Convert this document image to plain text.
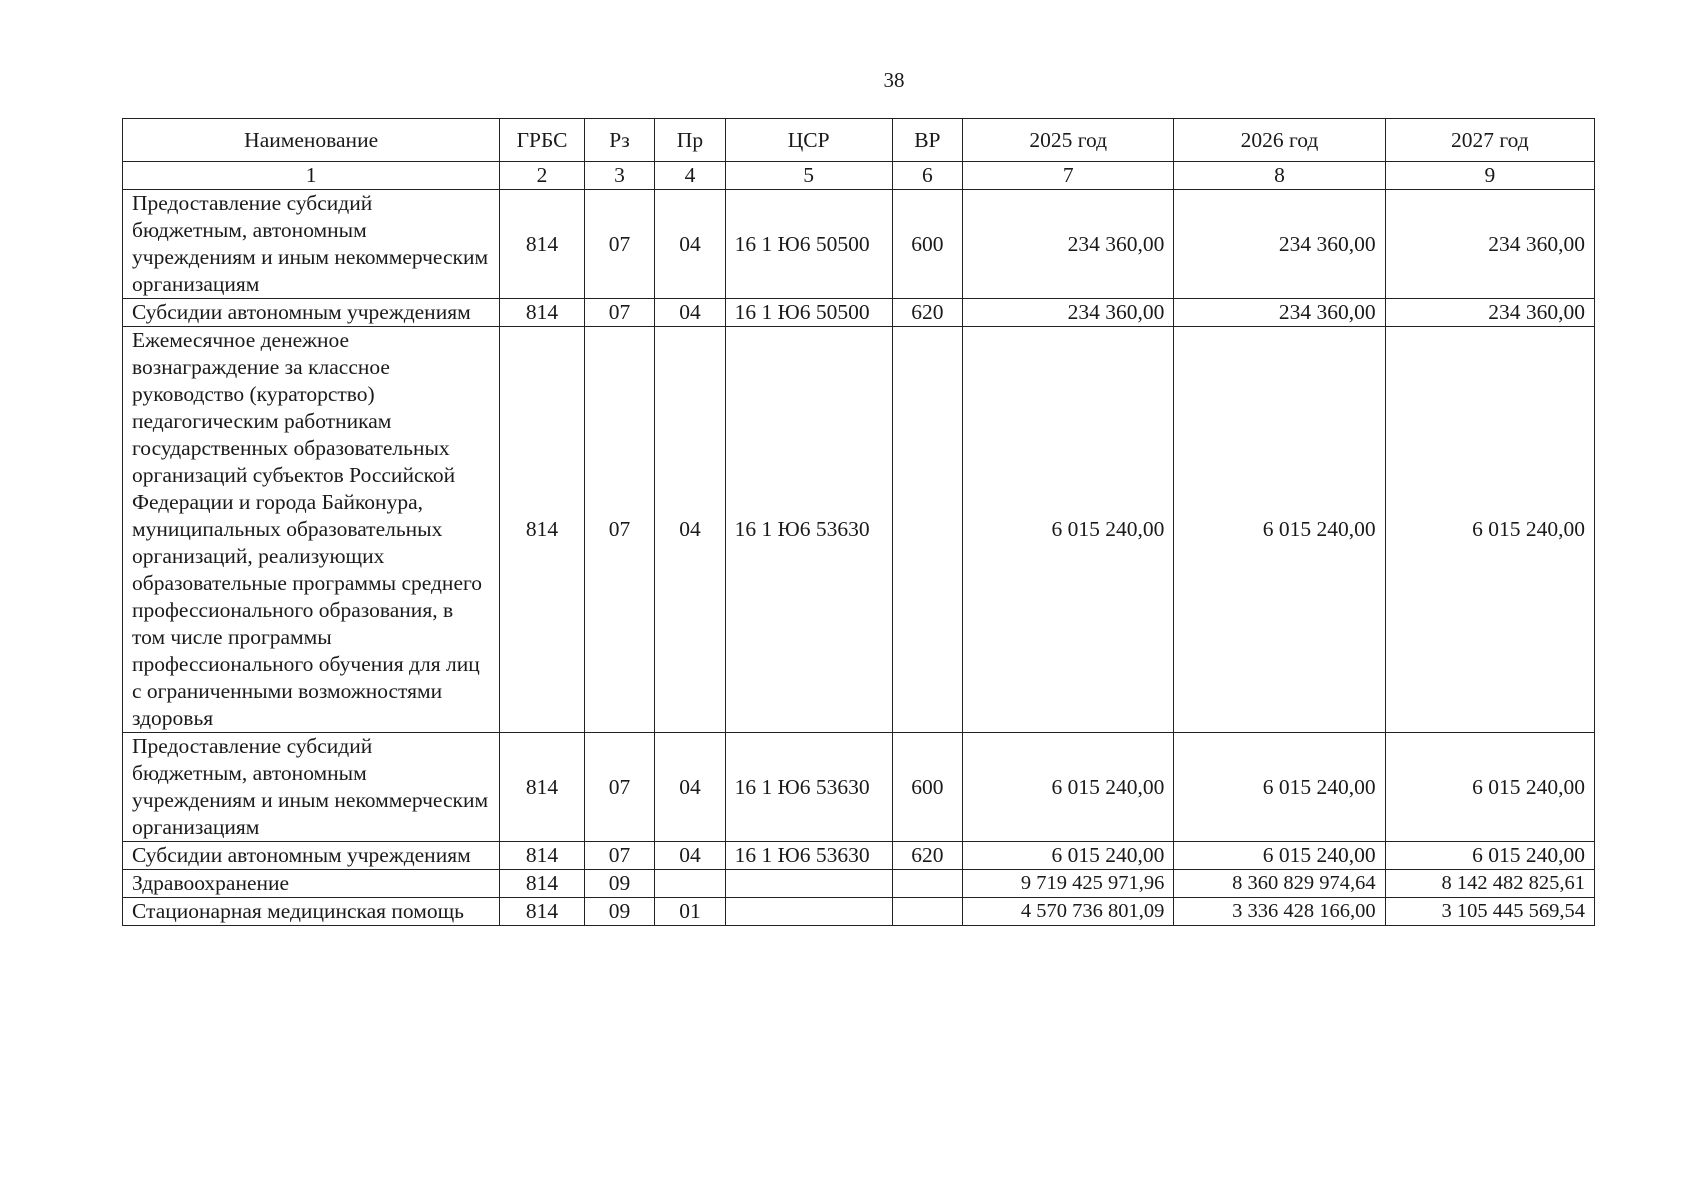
38
Наименование	ГРБС	Рз	Пр	ЦСР	ВР	2025 год	2026 год	2027 год
1	2	3	4	5	6	7	8	9
Предоставление субсидий бюджетным, автономным учреждениям и иным некоммерческим организациям	814	07	04	16 1 Ю6 50500	600	234 360,00	234 360,00	234 360,00
Субсидии автономным учреждениям	814	07	04	16 1 Ю6 50500	620	234 360,00	234 360,00	234 360,00
Ежемесячное денежное вознаграждение за классное руководство (кураторство) педагогическим работникам государственных образовательных организаций субъектов Российской Федерации и города Байконура, муниципальных образовательных организаций, реализующих образовательные программы среднего профессионального образования, в том числе программы профессионального обучения для лиц с ограниченными возможностями здоровья	814	07	04	16 1 Ю6 53630		6 015 240,00	6 015 240,00	6 015 240,00
Предоставление субсидий бюджетным, автономным учреждениям и иным некоммерческим организациям	814	07	04	16 1 Ю6 53630	600	6 015 240,00	6 015 240,00	6 015 240,00
Субсидии автономным учреждениям	814	07	04	16 1 Ю6 53630	620	6 015 240,00	6 015 240,00	6 015 240,00
Здравоохранение	814	09				9 719 425 971,96	8 360 829 974,64	8 142 482 825,61
Стационарная медицинская помощь	814	09	01			4 570 736 801,09	3 336 428 166,00	3 105 445 569,54
